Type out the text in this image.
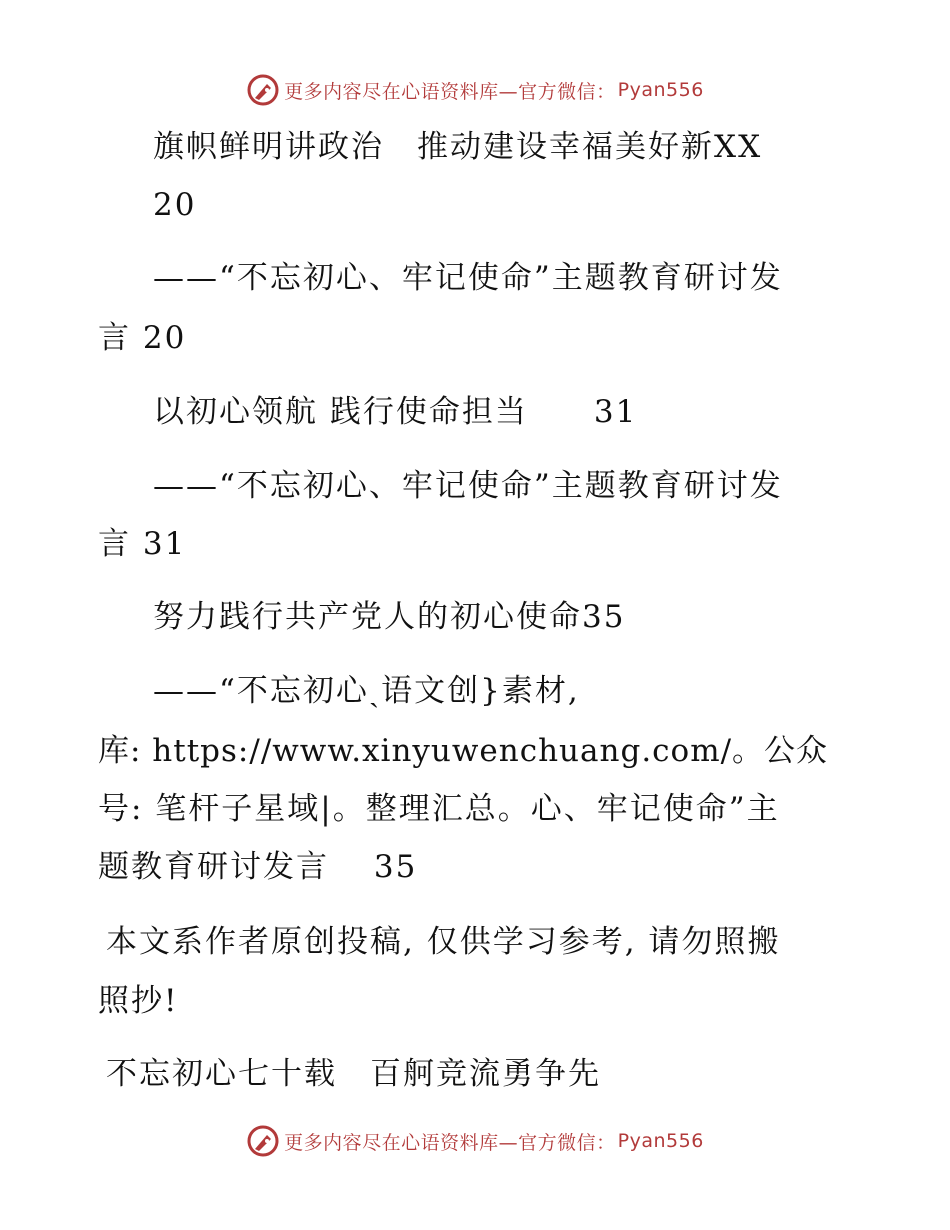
更多内容尽在心语资料库—官方微信： Pyan556
旗帜鲜明讲政治　推动建设幸福美好新XX
20
——“不忘初心、牢记使命”主题教育研讨发
言 20
以初心领航 践行使命担当　　31
——“不忘初心、牢记使命”主题教育研讨发
言 31
努力践行共产党人的初心使命35
——“不忘初心ˎ语文创}素材,
库: https://www.xinyuwenchuang.com/。公众
号: 笔杆子星域|。整理汇总。心、牢记使命”主
题教育研讨发言　 35
本文系作者原创投稿, 仅供学习参考, 请勿照搬
照抄!
不忘初心七十载　百舸竞流勇争先
更多内容尽在心语资料库—官方微信： Pyan556
